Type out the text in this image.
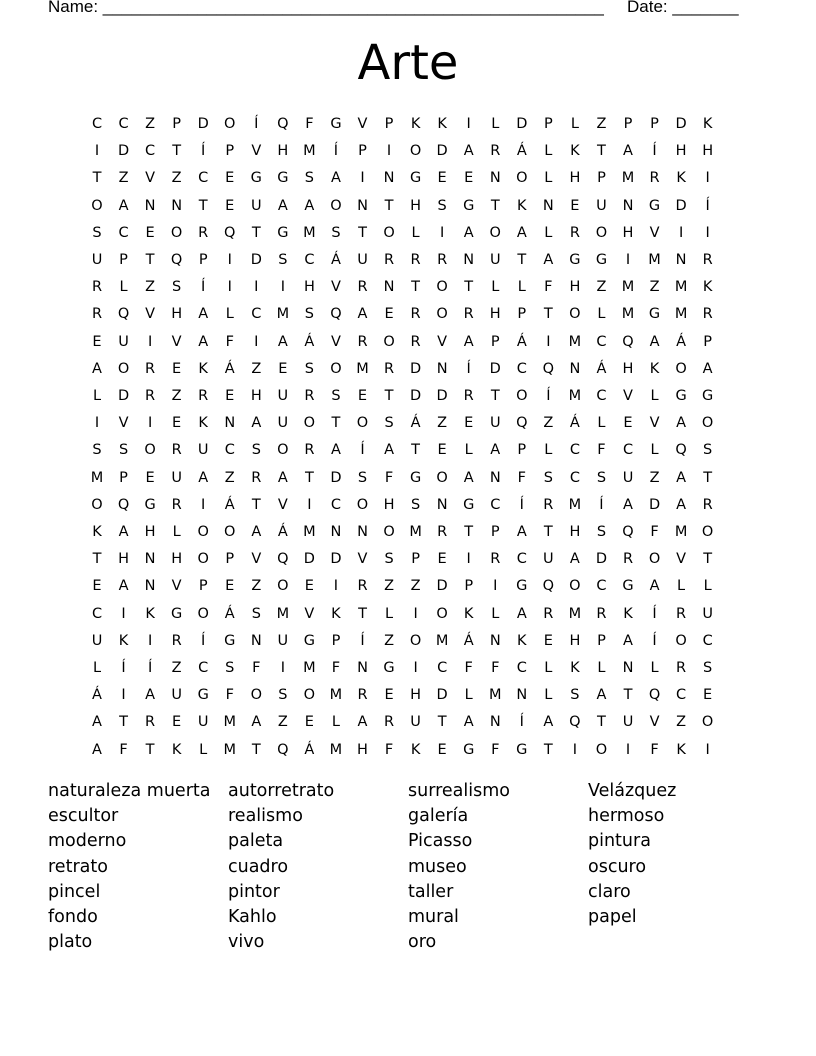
Name: _____________________________________________________ Date: _______
Arte
C	C	Z	P	D	O	Í	Q	F	G	V	P	K	K	I	L	D	P	L	Z	P	P	D	K
I	D	C	T	Í	P	V	H	M	Í	P	I	O	D	A	R	Á	L	K	T	A	Í	H	H
T	Z	V	Z	C	E	G	G	S	A	I	N	G	E	E	N	O	L	H	P	M	R	K	I
O	A	N	N	T	E	U	A	A	O	N	T	H	S	G	T	K	N	E	U	N	G	D	Í
S	C	E	O	R	Q	T	G	M	S	T	O	L	I	A	O	A	L	R	O	H	V	I	I
U	P	T	Q	P	I	D	S	C	Á	U	R	R	R	N	U	T	A	G	G	I	M	N	R
R	L	Z	S	Í	I	I	I	H	V	R	N	T	O	T	L	L	F	H	Z	M	Z	M	K
R	Q	V	H	A	L	C	M	S	Q	A	E	R	O	R	H	P	T	O	L	M	G	M	R
E	U	I	V	A	F	I	A	Á	V	R	O	R	V	A	P	Á	I	M	C	Q	A	Á	P
A	O	R	E	K	Á	Z	E	S	O	M	R	D	N	Í	D	C	Q	N	Á	H	K	O	A
L	D	R	Z	R	E	H	U	R	S	E	T	D	D	R	T	O	Í	M	C	V	L	G	G
I	V	I	E	K	N	A	U	O	T	O	S	Á	Z	E	U	Q	Z	Á	L	E	V	A	O
S	S	O	R	U	C	S	O	R	A	Í	A	T	E	L	A	P	L	C	F	C	L	Q	S
M	P	E	U	A	Z	R	A	T	D	S	F	G	O	A	N	F	S	C	S	U	Z	A	T
O	Q	G	R	I	Á	T	V	I	C	O	H	S	N	G	C	Í	R	M	Í	A	D	A	R
K	A	H	L	O	O	A	Á	M	N	N	O	M	R	T	P	A	T	H	S	Q	F	M	O
T	H	N	H	O	P	V	Q	D	D	V	S	P	E	I	R	C	U	A	D	R	O	V	T
E	A	N	V	P	E	Z	O	E	I	R	Z	Z	D	P	I	G	Q	O	C	G	A	L	L
C	I	K	G	O	Á	S	M	V	K	T	L	I	O	K	L	A	R	M	R	K	Í	R	U
U	K	I	R	Í	G	N	U	G	P	Í	Z	O	M	Á	N	K	E	H	P	A	Í	O	C
L	Í	Í	Z	C	S	F	I	M	F	N	G	I	C	F	F	C	L	K	L	N	L	R	S
Á	I	A	U	G	F	O	S	O	M	R	E	H	D	L	M	N	L	S	A	T	Q	C	E
A	T	R	E	U	M	A	Z	E	L	A	R	U	T	A	N	Í	A	Q	T	U	V	Z	O
A	F	T	K	L	M	T	Q	Á	M	H	F	K	E	G	F	G	T	I	O	I	F	K	I
naturaleza muerta
escultor
moderno
retrato
pincel
fondo
plato
autorretrato
realismo
paleta
cuadro
pintor
Kahlo
vivo
surrealismo
galería
Picasso
museo
taller
mural
oro
Velázquez
hermoso
pintura
oscuro
claro
papel
